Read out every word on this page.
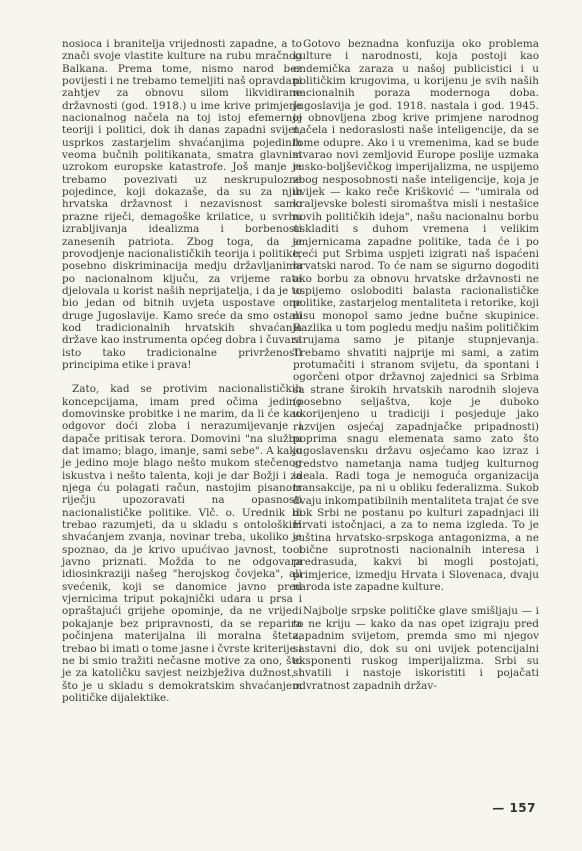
nosioca i branitelja vrijednosti zapadne, a to znači svoje vlastite kulture na rubu mračnog Balkana. Prema tome, nismo narod bez povijesti i ne trebamo temeljiti naš opravdani zahtjev za obnovu silom likvidirane državnosti (god. 1918.) u ime krive primjene nacionalnog načela na toj istoj efemernoj teoriji i politici, dok ih danas zapadni svijet, usprkos zastarjelim shvaćanjima pojedinih veoma bučnih politikanata, smatra glavnim uzrokom europske katastrofe. Još manje je trebamo povezivati uz neskrupulozne pojedince, koji dokazaše, da su za njih hrvatska državnost i nezavisnost samo prazne riječi, demagoške krilatice, u svrhu izrabljivanja idealizma i borbenosti zanesenih patriota. Zbog toga, da je provodjenje nacionalističkih teorija i politike, posebno diskriminacija medju državljanima po nacionalnom ključu, za vrijeme rata djelovala u korist naših neprijatelja, i da je to bio jedan od bitnih uvjeta uspostave one druge Jugoslavije. Kamo sreće da smo ostali kod tradicionalnih hrvatskih shvaćanja države kao instrumenta općeg dobra i čuvara isto tako tradicionalne privrženosti principima etike i prava!

Zato, kad se protivim nacionalističkih koncepcijama, imam pred očima jedino domovinske probitke i ne marim, da li će kao odgovor doći zloba i nerazumijevanje i dapače pritisak terora. Domovini "na službu dat imamo; blago, imanje, sami sebe". A kako je jedino moje blago nešto mukom stečenog iskustva i nešto talenta, koji je dar Božji i za njega ću polagati račun, nastojim pisanom riječju upozoravati na opasnosti nacionalističke politike. Vlč. o. Urednik bi trebao razumjeti, da u skladu s ontološkim shvaćanjem zvanja, novinar treba, ukoliko je spoznao, da je krivo upućivao javnost, to i javno priznati. Možda to ne odgovara idiosinkraziji našeg "herojskog čovjeka", ali svećenik, koji se danomice javno pred vjernicima triput pokajnički udara u prsa i opraštajući grijehe opominje, da ne vrijedi pokajanje bez pripravnosti, da se reparira počinjena materijalna ili moralna šteta, trebao bi imati o tome jasne i čvrste kriterije i ne bi smio tražiti nečasne motive za ono, što je za katoličku savjest neizbježiva dužnost, i što je u skladu s demokratskim shvaćanjem političke dijalektike.

Gotovo beznadna konfuzija oko problema kulture i narodnosti, koja postoji kao endemička zaraza u našoj publicistici i u političkim krugovima, u korijenu je svih naših nacionalnih poraza modernoga doba. Jugoslavija je god. 1918. nastala i god. 1945. je obnovljena zbog krive primjene narodnog načela i nedoraslosti naše inteligencije, da se tome odupre. Ako i u vremenima, kad se bude stvarao novi zemljovid Europe poslije uzmaka rusko-boljševičkog imperijalizma, ne uspijemo zbog nesposobnosti naše inteligencije, koja je uvijek — kako reče Krišković — "umirala od kraljevske bolesti siromaštva misli i nestašice novih političkih ideja", našu nacionalnu borbu uskladiti s duhom vremena i velikim smjernicama zapadne politike, tada će i po treći put Srbima uspjeti izigrati naš ispaćeni hrvatski narod. To će nam se sigurno dogoditi ako borbu za obnovu hrvatske državnosti ne uspijemo osloboditi balasta racionalističke politike, zastarjelog mentaliteta i retorike, koji nisu monopol samo jedne bučne skupinice. Razlika u tom pogledu medju našim političkim strujama samo je pitanje stupnjevanja. Trebamo shvatiti najprije mi sami, a zatim protumačiti i stranom svijetu, da spontani i ogorčeni otpor državnoj zajednici sa Srbima sa strane širokih hrvatskih narodnih slojeva (posebno seljaštva, koje je duboko ukorijenjeno u tradiciji i posjeduje jako razvijen osjećaj zapadnjačke pripadnosti) poprima snagu elemenata samo zato što jugoslavensku državu osjećamo kao izraz i sredstvo nametanja nama tudjeg kulturnog ideala. Radi toga je nemoguća organizacija transakcije, pa ni u obliku federalizma. Sukob dvaju inkompatibilnih mentaliteta trajat će sve dok Srbi ne postanu po kulturi zapadnjaci ili Hrvati istočnjaci, a za to nema izgleda. To je suština hrvatsko-srpskoga antagonizma, a ne obične suprotnosti nacionalnih interesa i predrasuda, kakvi bi mogli postojati, primjerice, izmedju Hrvata i Slovenaca, dvaju naroda iste zapadne kulture.

Najbolje srpske političke glave smišljaju — i to ne kriju — kako da nas opet izigraju pred zapadnim svijetom, premda smo mi njegov sastavni dio, dok su oni uvijek potencijalni eksponenti ruskog imperijalizma. Srbi su shvatili i nastoje iskoristiti i pojačati odvratnost zapadnih držav-

— 157
